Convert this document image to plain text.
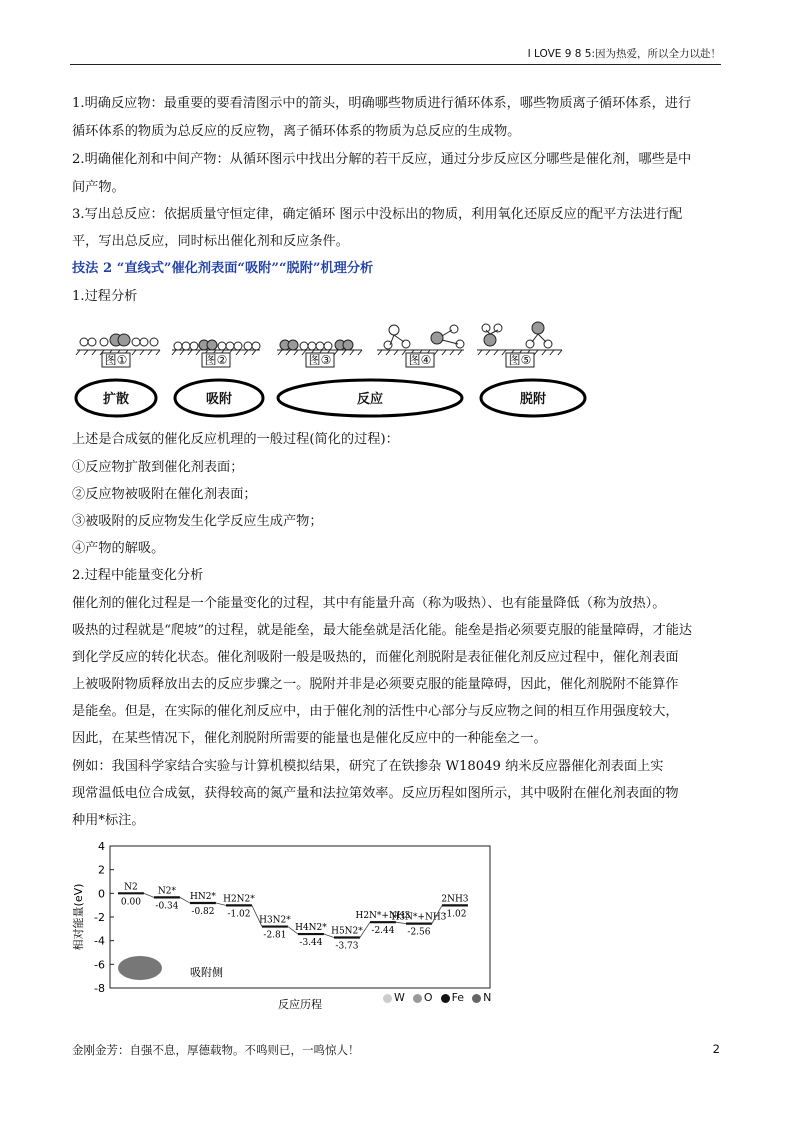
I LOVE 9 8 5:因为热爱，所以全力以赴！
1.明确反应物：最重要的要看清图示中的箭头，明确哪些物质进行循环体系，哪些物质离子循环体系，进行
循环体系的物质为总反应的反应物，离子循环体系的物质为总反应的生成物。
2.明确催化剂和中间产物：从循环图示中找出分解的若干反应，通过分步反应区分哪些是催化剂，哪些是中
间产物。
3.写出总反应：依据质量守恒定律，确定循环 图示中没标出的物质，利用氧化还原反应的配平方法进行配
平，写出总反应，同时标出催化剂和反应条件。
技法 2 “直线式”催化剂表面“吸附”“脱附”机理分析
1.过程分析
图①	图②	图③	图④	图⑤
扩散	吸附	反应	脱附
上述是合成氨的催化反应机理的一般过程(简化的过程)：
①反应物扩散到催化剂表面；
②反应物被吸附在催化剂表面；
③被吸附的反应物发生化学反应生成产物；
④产物的解吸。
2.过程中能量变化分析
催化剂的催化过程是一个能量变化的过程，其中有能量升高（称为吸热）、也有能量降低（称为放热）。
吸热的过程就是“爬坡”的过程，就是能垒，最大能垒就是活化能。能垒是指必须要克服的能量障碍，才能达
到化学反应的转化状态。催化剂吸附一般是吸热的，而催化剂脱附是表征催化剂反应过程中，催化剂表面
上被吸附物质释放出去的反应步骤之一。脱附并非是必须要克服的能量障碍，因此，催化剂脱附不能算作
是能垒。但是，在实际的催化剂反应中，由于催化剂的活性中心部分与反应物之间的相互作用强度较大，
因此，在某些情况下，催化剂脱附所需要的能量也是催化反应中的一种能垒之一。
例如：我国科学家结合实验与计算机模拟结果，研究了在铁掺杂 W18049 纳米反应器催化剂表面上实
现常温低电位合成氨，获得较高的氮产量和法拉第效率。反应历程如图所示，其中吸附在催化剂表面的物
种用*标注。
4
2
0
-2
-4
-6
-8
相对能量(eV)
反应历程
N2
0.00
N2*
-0.34
HN2*
-0.82
H2N2*
-1.02
H3N2*
-2.81
H4N2*
-3.44
H5N2*
-3.73
H2N*+NH3
-2.44
H3N*+NH3
-2.56
2NH3
-1.02
吸附侧
W O Fe N
金刚金芳：自强不息，厚德载物。不鸣则已，一鸣惊人！	2
